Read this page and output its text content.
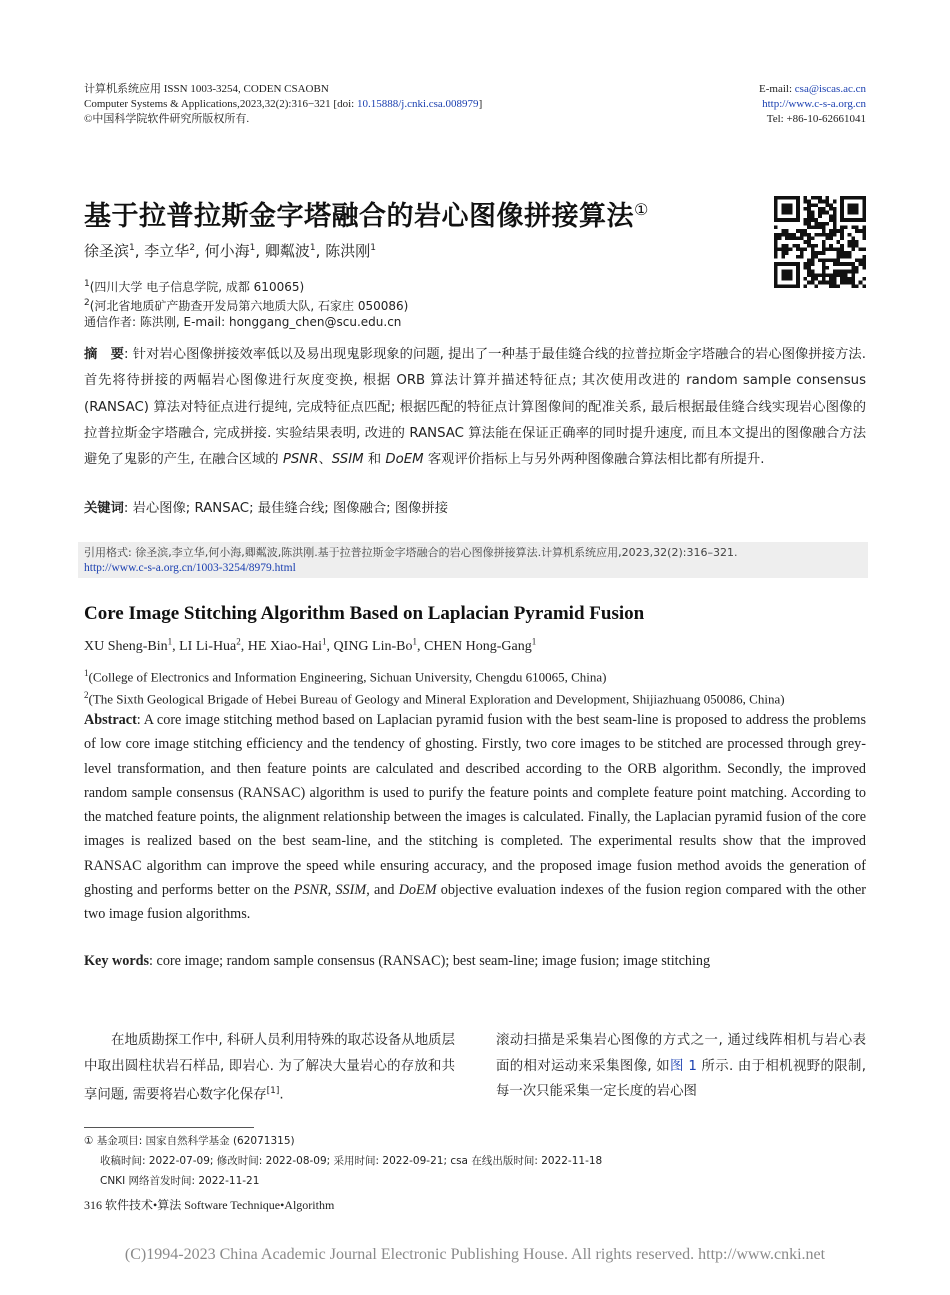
计算机系统应用 ISSN 1003-3254, CODEN CSAOBN
Computer Systems & Applications,2023,32(2):316−321 [doi: 10.15888/j.cnki.csa.008979]
©中国科学院软件研究所版权所有.
E-mail: csa@iscas.ac.cn
http://www.c-s-a.org.cn
Tel: +86-10-62661041
基于拉普拉斯金字塔融合的岩心图像拼接算法①
徐圣滨$^1$, 李立华$^2$, 何小海$^1$, 卿粼波$^1$, 陈洪刚$^1$
$^1$(四川大学 电子信息学院, 成都 610065)
$^2$(河北省地质矿产勘查开发局第六地质大队, 石家庄 050086)
通信作者: 陈洪刚, E-mail: honggang_chen@scu.edu.cn
摘　要: 针对岩心图像拼接效率低以及易出现鬼影现象的问题, 提出了一种基于最佳缝合线的拉普拉斯金字塔融合的岩心图像拼接方法. 首先将待拼接的两幅岩心图像进行灰度变换, 根据 ORB 算法计算并描述特征点; 其次使用改进的 random sample consensus (RANSAC) 算法对特征点进行提纯, 完成特征点匹配; 根据匹配的特征点计算图像间的配准关系, 最后根据最佳缝合线实现岩心图像的拉普拉斯金字塔融合, 完成拼接. 实验结果表明, 改进的 RANSAC 算法能在保证正确率的同时提升速度, 而且本文提出的图像融合方法避免了鬼影的产生, 在融合区域的 PSNR、SSIM 和 DoEM 客观评价指标上与另外两种图像融合算法相比都有所提升.
关键词: 岩心图像; RANSAC; 最佳缝合线; 图像融合; 图像拼接
引用格式: 徐圣滨,李立华,何小海,卿粼波,陈洪刚.基于拉普拉斯金字塔融合的岩心图像拼接算法.计算机系统应用,2023,32(2):316–321.
http://www.c-s-a.org.cn/1003-3254/8979.html
Core Image Stitching Algorithm Based on Laplacian Pyramid Fusion
XU Sheng-Bin$^1$, LI Li-Hua$^2$, HE Xiao-Hai$^1$, QING Lin-Bo$^1$, CHEN Hong-Gang$^1$
$^1$(College of Electronics and Information Engineering, Sichuan University, Chengdu 610065, China)
$^2$(The Sixth Geological Brigade of Hebei Bureau of Geology and Mineral Exploration and Development, Shijiazhuang 050086, China)
Abstract: A core image stitching method based on Laplacian pyramid fusion with the best seam-line is proposed to address the problems of low core image stitching efficiency and the tendency of ghosting. Firstly, two core images to be stitched are processed through grey-level transformation, and then feature points are calculated and described according to the ORB algorithm. Secondly, the improved random sample consensus (RANSAC) algorithm is used to purify the feature points and complete feature point matching. According to the matched feature points, the alignment relationship between the images is calculated. Finally, the Laplacian pyramid fusion of the core images is realized based on the best seam-line, and the stitching is completed. The experimental results show that the improved RANSAC algorithm can improve the speed while ensuring accuracy, and the proposed image fusion method avoids the generation of ghosting and performs better on the PSNR, SSIM, and DoEM objective evaluation indexes of the fusion region compared with the other two image fusion algorithms.
Key words: core image; random sample consensus (RANSAC); best seam-line; image fusion; image stitching
在地质勘探工作中, 科研人员利用特殊的取芯设备从地质层中取出圆柱状岩石样品, 即岩心. 为了解决大量岩心的存放和共享问题, 需要将岩心数字化保存[1].
滚动扫描是采集岩心图像的方式之一, 通过线阵相机与岩心表面的相对运动来采集图像, 如图 1 所示. 由于相机视野的限制, 每一次只能采集一定长度的岩心图
① 基金项目: 国家自然科学基金 (62071315)
收稿时间: 2022-07-09; 修改时间: 2022-08-09; 采用时间: 2022-09-21; csa 在线出版时间: 2022-11-18
CNKI 网络首发时间: 2022-11-21
316 软件技术•算法 Software Technique•Algorithm
(C)1994-2023 China Academic Journal Electronic Publishing House. All rights reserved. http://www.cnki.net
